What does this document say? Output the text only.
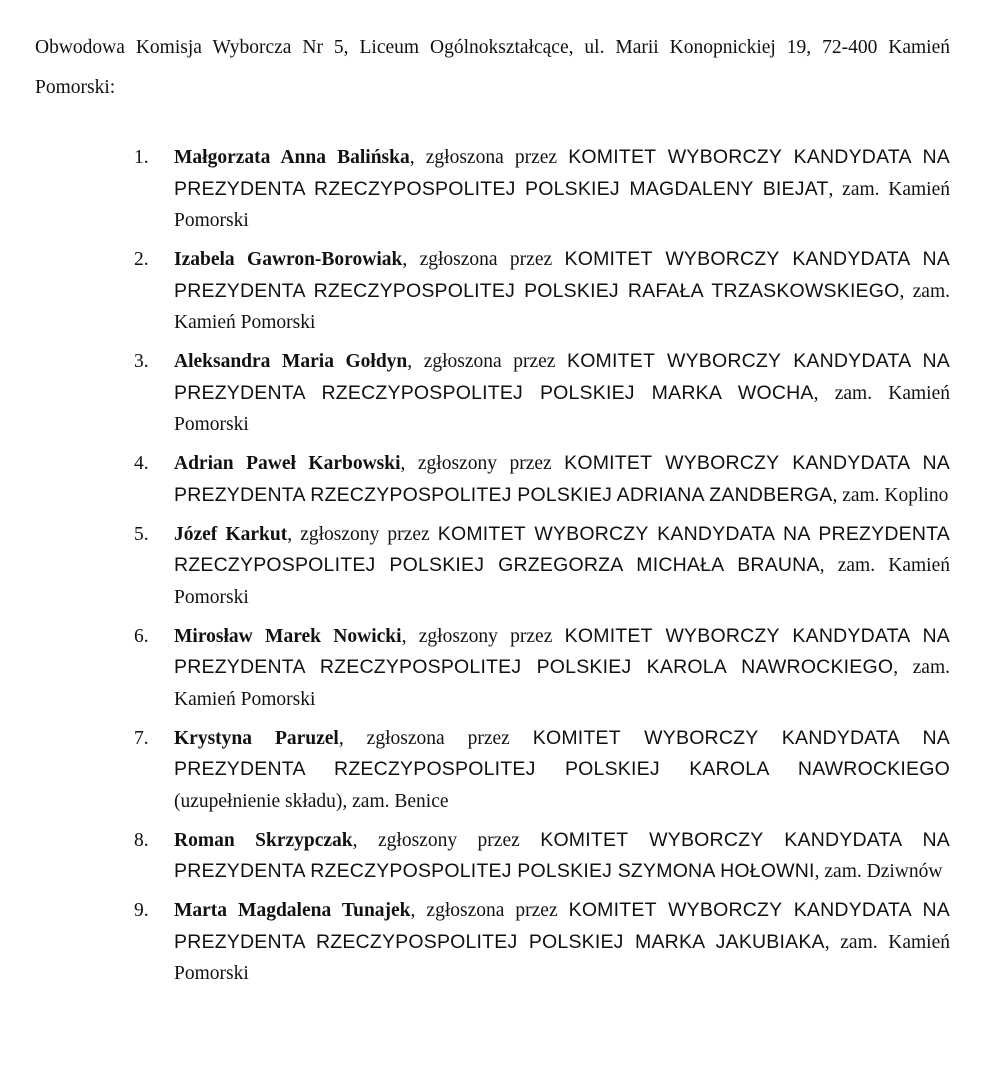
Obwodowa Komisja Wyborcza Nr 5, Liceum Ogólnokształcące, ul. Marii Konopnickiej 19, 72-400 Kamień Pomorski:

1. Małgorzata Anna Balińska, zgłoszona przez KOMITET WYBORCZY KANDYDATA NA PREZYDENTA RZECZYPOSPOLITEJ POLSKIEJ MAGDALENY BIEJAT, zam. Kamień Pomorski
2. Izabela Gawron-Borowiak, zgłoszona przez KOMITET WYBORCZY KANDYDATA NA PREZYDENTA RZECZYPOSPOLITEJ POLSKIEJ RAFAŁA TRZASKOWSKIEGO, zam. Kamień Pomorski
3. Aleksandra Maria Gołdyn, zgłoszona przez KOMITET WYBORCZY KANDYDATA NA PREZYDENTA RZECZYPOSPOLITEJ POLSKIEJ MARKA WOCHA, zam. Kamień Pomorski
4. Adrian Paweł Karbowski, zgłoszony przez KOMITET WYBORCZY KANDYDATA NA PREZYDENTA RZECZYPOSPOLITEJ POLSKIEJ ADRIANA ZANDBERGA, zam. Koplino
5. Józef Karkut, zgłoszony przez KOMITET WYBORCZY KANDYDATA NA PREZYDENTA RZECZYPOSPOLITEJ POLSKIEJ GRZEGORZA MICHAŁA BRAUNA, zam. Kamień Pomorski
6. Mirosław Marek Nowicki, zgłoszony przez KOMITET WYBORCZY KANDYDATA NA PREZYDENTA RZECZYPOSPOLITEJ POLSKIEJ KAROLA NAWROCKIEGO, zam. Kamień Pomorski
7. Krystyna Paruzel, zgłoszona przez KOMITET WYBORCZY KANDYDATA NA PREZYDENTA RZECZYPOSPOLITEJ POLSKIEJ KAROLA NAWROCKIEGO (uzupełnienie składu), zam. Benice
8. Roman Skrzypczak, zgłoszony przez KOMITET WYBORCZY KANDYDATA NA PREZYDENTA RZECZYPOSPOLITEJ POLSKIEJ SZYMONA HOŁOWNI, zam. Dziwnów
9. Marta Magdalena Tunajek, zgłoszona przez KOMITET WYBORCZY KANDYDATA NA PREZYDENTA RZECZYPOSPOLITEJ POLSKIEJ MARKA JAKUBIAKA, zam. Kamień Pomorski
